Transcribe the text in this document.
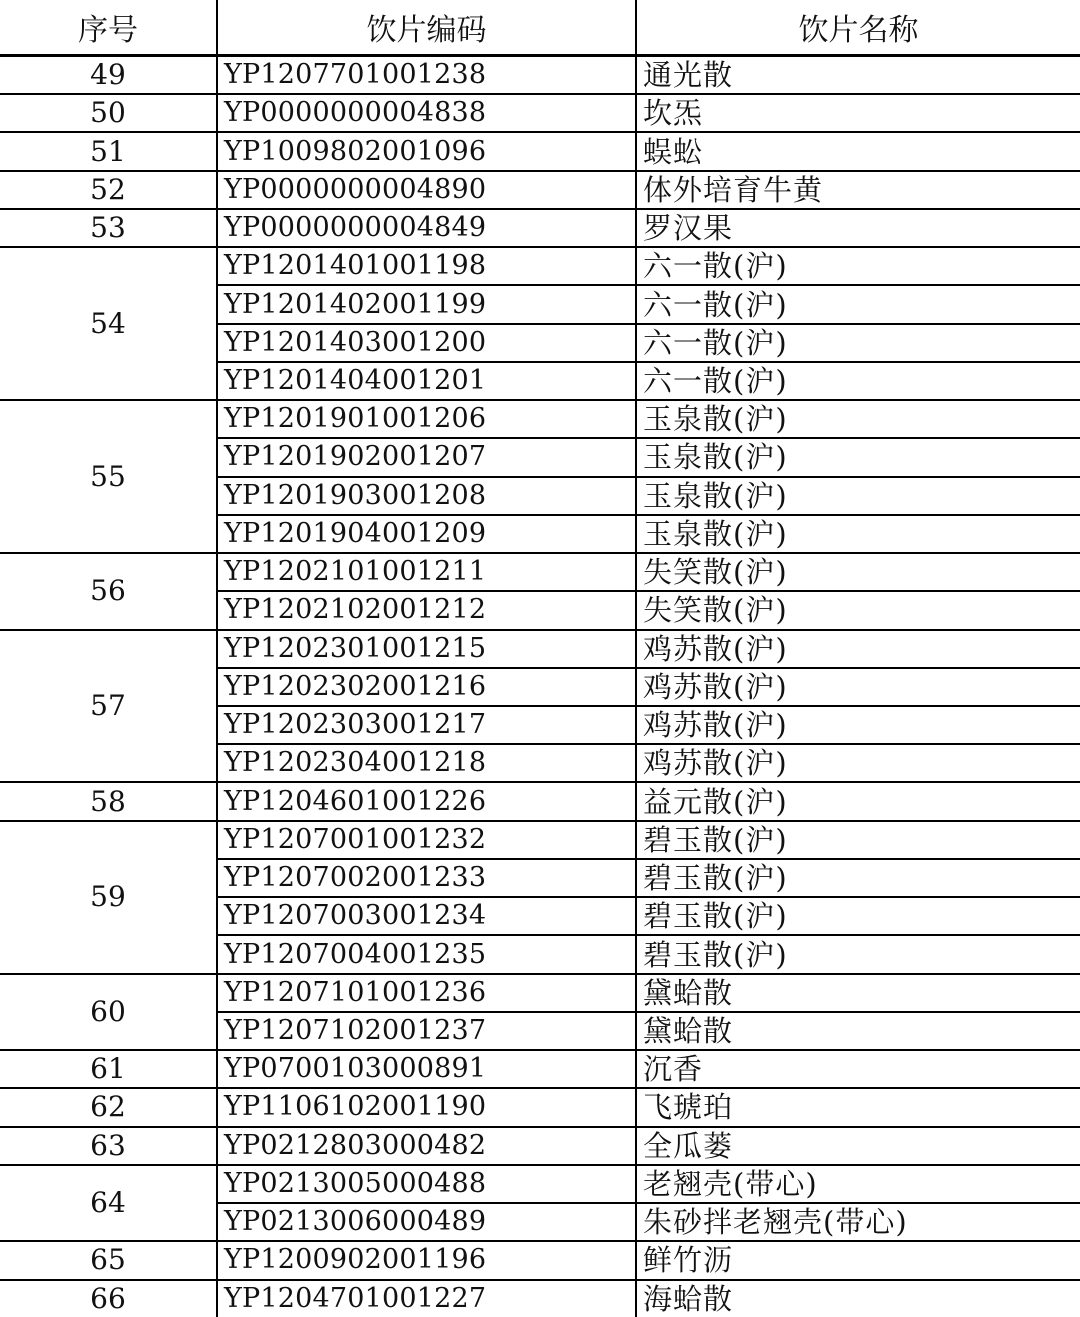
序号	饮片编码	饮片名称
49	YP1207701001238	通光散
50	YP0000000004838	坎炁
51	YP1009802001096	蜈蚣
52	YP0000000004890	体外培育牛黄
53	YP0000000004849	罗汉果
54	YP1201401001198	六一散(沪)
	YP1201402001199	六一散(沪)
	YP1201403001200	六一散(沪)
	YP1201404001201	六一散(沪)
55	YP1201901001206	玉泉散(沪)
	YP1201902001207	玉泉散(沪)
	YP1201903001208	玉泉散(沪)
	YP1201904001209	玉泉散(沪)
56	YP1202101001211	失笑散(沪)
	YP1202102001212	失笑散(沪)
57	YP1202301001215	鸡苏散(沪)
	YP1202302001216	鸡苏散(沪)
	YP1202303001217	鸡苏散(沪)
	YP1202304001218	鸡苏散(沪)
58	YP1204601001226	益元散(沪)
59	YP1207001001232	碧玉散(沪)
	YP1207002001233	碧玉散(沪)
	YP1207003001234	碧玉散(沪)
	YP1207004001235	碧玉散(沪)
60	YP1207101001236	黛蛤散
	YP1207102001237	黛蛤散
61	YP0700103000891	沉香
62	YP1106102001190	飞琥珀
63	YP0212803000482	全瓜蒌
64	YP0213005000488	老翘壳(带心)
	YP0213006000489	朱砂拌老翘壳(带心)
65	YP1200902001196	鲜竹沥
66	YP1204701001227	海蛤散
